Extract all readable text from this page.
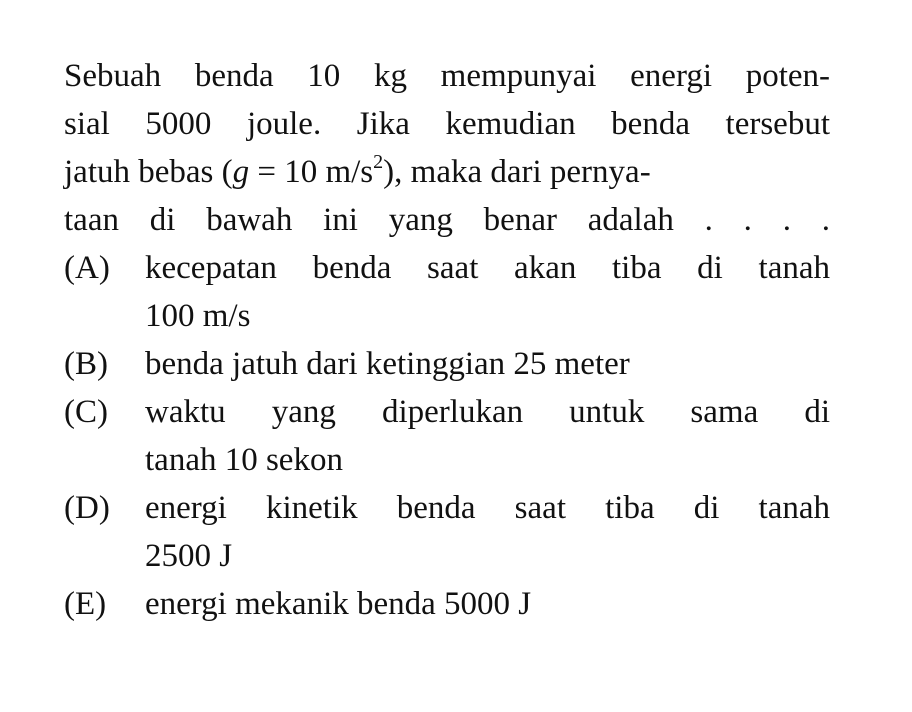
Sebuah benda 10 kg mempunyai energi poten-
sial 5000 joule. Jika kemudian benda tersebut
jatuh bebas (g = 10 $m/s^2$), maka dari pernya-
taan di bawah ini yang benar adalah . . . .
(A) kecepatan benda saat akan tiba di tanah
100 m/s
(B) benda jatuh dari ketinggian 25 meter
(C) waktu yang diperlukan untuk sama di
tanah 10 sekon
(D) energi kinetik benda saat tiba di tanah
2500 J
(E) energi mekanik benda 5000 J
